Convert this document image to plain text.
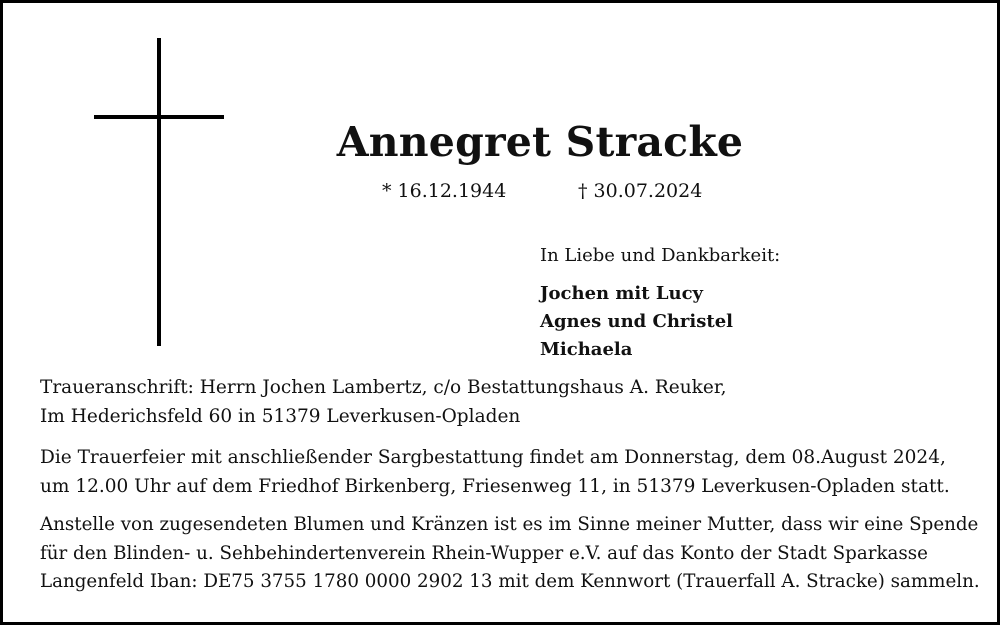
Annegret Stracke
* 16.12.1944	† 30.07.2024
In Liebe und Dankbarkeit:
Jochen mit Lucy
Agnes und Christel
Michaela

Traueranschrift: Herrn Jochen Lambertz, c/o Bestattungshaus A. Reuker,
Im Hederichsfeld 60 in 51379 Leverkusen-Opladen

Die Trauerfeier mit anschließender Sargbestattung findet am Donnerstag, dem 08.August 2024,
um 12.00 Uhr auf dem Friedhof Birkenberg, Friesenweg 11, in 51379 Leverkusen-Opladen statt.

Anstelle von zugesendeten Blumen und Kränzen ist es im Sinne meiner Mutter, dass wir eine Spende
für den Blinden- u. Sehbehindertenverein Rhein-Wupper e.V. auf das Konto der Stadt Sparkasse
Langenfeld Iban: DE75 3755 1780 0000 2902 13 mit dem Kennwort (Trauerfall A. Stracke) sammeln.
